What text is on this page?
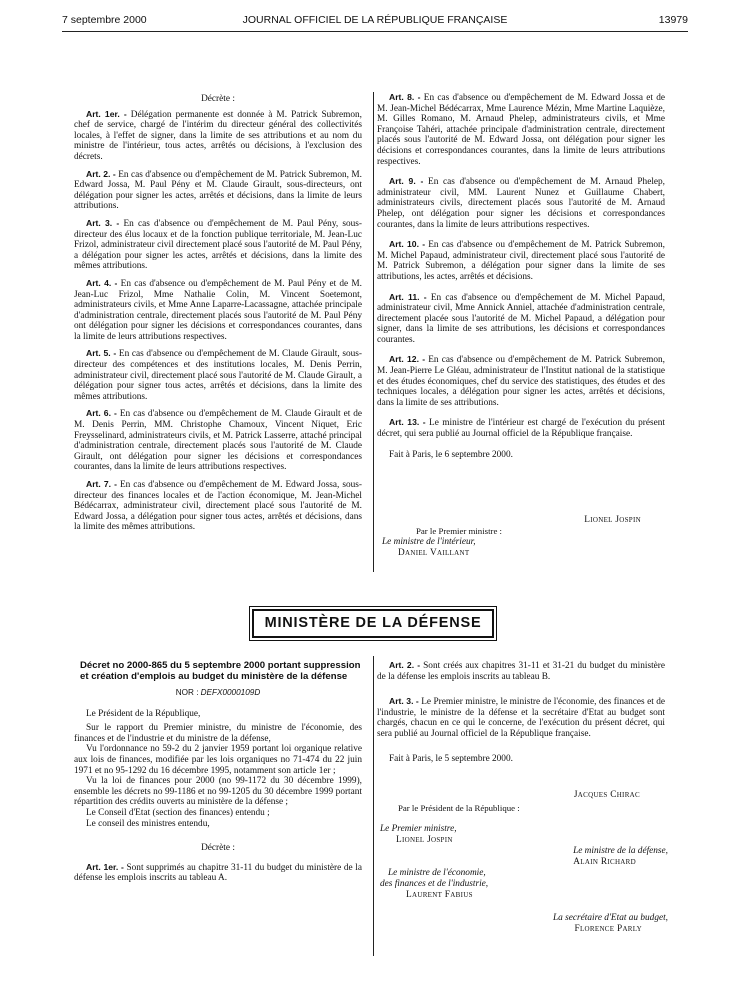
7 septembre 2000	JOURNAL OFFICIEL DE LA RÉPUBLIQUE FRANÇAISE	13979

Décrète :

Art. 1er. - Délégation permanente est donnée à M. Patrick Subremon, chef de service, chargé de l'intérim du directeur général des collectivités locales, à l'effet de signer, dans la limite de ses attributions et au nom du ministre de l'intérieur, tous actes, arrêtés ou décisions, à l'exclusion des décrets.

Art. 2. - En cas d'absence ou d'empêchement de M. Patrick Subremon, M. Edward Jossa, M. Paul Pény et M. Claude Girault, sous-directeurs, ont délégation pour signer les actes, arrêtés et décisions, dans la limite de leurs attributions.

Art. 3. - En cas d'absence ou d'empêchement de M. Paul Pény, sous-directeur des élus locaux et de la fonction publique territoriale, M. Jean-Luc Frizol, administrateur civil directement placé sous l'autorité de M. Paul Pény, a délégation pour signer les actes, arrêtés et décisions, dans la limite des mêmes attributions.

Art. 4. - En cas d'absence ou d'empêchement de M. Paul Pény et de M. Jean-Luc Frizol, Mme Nathalie Colin, M. Vincent Soetemont, administrateurs civils, et Mme Anne Laparre-Lacassagne, attachée principale d'administration centrale, directement placés sous l'autorité de M. Paul Pény ont délégation pour signer les décisions et correspondances courantes, dans la limite de leurs attributions respectives.

Art. 5. - En cas d'absence ou d'empêchement de M. Claude Girault, sous-directeur des compétences et des institutions locales, M. Denis Perrin, administrateur civil, directement placé sous l'autorité de M. Claude Girault, a délégation pour signer tous actes, arrêtés et décisions, dans la limite des mêmes attributions.

Art. 6. - En cas d'absence ou d'empêchement de M. Claude Girault et de M. Denis Perrin, MM. Christophe Chamoux, Vincent Niquet, Eric Freysselinard, administrateurs civils, et M. Patrick Lasserre, attaché principal d'administration centrale, directement placés sous l'autorité de M. Claude Girault, ont délégation pour signer les décisions et correspondances courantes, dans la limite de leurs attributions respectives.

Art. 7. - En cas d'absence ou d'empêchement de M. Edward Jossa, sous-directeur des finances locales et de l'action économique, M. Jean-Michel Bédécarrax, administrateur civil, directement placé sous l'autorité de M. Edward Jossa, a délégation pour signer tous actes, arrêtés et décisions, dans la limite des mêmes attributions.

Art. 8. - En cas d'absence ou d'empêchement de M. Edward Jossa et de M. Jean-Michel Bédécarrax, Mme Laurence Mézin, Mme Martine Laquièze, M. Gilles Romano, M. Arnaud Phelep, administrateurs civils, et Mme Françoise Tahéri, attachée principale d'administration centrale, directement placés sous l'autorité de M. Edward Jossa, ont délégation pour signer les décisions et correspondances courantes, dans la limite de leurs attributions respectives.

Art. 9. - En cas d'absence ou d'empêchement de M. Arnaud Phelep, administrateur civil, MM. Laurent Nunez et Guillaume Chabert, administrateurs civils, directement placés sous l'autorité de M. Arnaud Phelep, ont délégation pour signer les décisions et correspondances courantes, dans la limite de leurs attributions respectives.

Art. 10. - En cas d'absence ou d'empêchement de M. Patrick Subremon, M. Michel Papaud, administrateur civil, directement placé sous l'autorité de M. Patrick Subremon, a délégation pour signer dans la limite de ses attributions, les actes, arrêtés et décisions.

Art. 11. - En cas d'absence ou d'empêchement de M. Michel Papaud, administrateur civil, Mme Annick Anniel, attachée d'administration centrale, directement placée sous l'autorité de M. Michel Papaud, a délégation pour signer, dans la limite de ses attributions, les décisions et correspondances courantes.

Art. 12. - En cas d'absence ou d'empêchement de M. Patrick Subremon, M. Jean-Pierre Le Gléau, administrateur de l'Institut national de la statistique et des études économiques, chef du service des statistiques, des études et des techniques locales, a délégation pour signer les actes, arrêtés et décisions, dans la limite de ses attributions.

Art. 13. - Le ministre de l'intérieur est chargé de l'exécution du présent décret, qui sera publié au Journal officiel de la République française.

Fait à Paris, le 6 septembre 2000.

Lionel Jospin
Par le Premier ministre :
Le ministre de l'intérieur,
Daniel Vaillant
MINISTÈRE DE LA DÉFENSE
Décret no 2000-865 du 5 septembre 2000 portant suppression et création d'emplois au budget du ministère de la défense
NOR : DEFX0000109D

Le Président de la République,

Sur le rapport du Premier ministre, du ministre de l'économie, des finances et de l'industrie et du ministre de la défense,

Vu l'ordonnance no 59-2 du 2 janvier 1959 portant loi organique relative aux lois de finances, modifiée par les lois organiques no 71-474 du 22 juin 1971 et no 95-1292 du 16 décembre 1995, notamment son article 1er ;

Vu la loi de finances pour 2000 (no 99-1172 du 30 décembre 1999), ensemble les décrets no 99-1186 et no 99-1205 du 30 décembre 1999 portant répartition des crédits ouverts au ministère de la défense ;

Le Conseil d'Etat (section des finances) entendu ;

Le conseil des ministres entendu,

Décrète :

Art. 1er. - Sont supprimés au chapitre 31-11 du budget du ministère de la défense les emplois inscrits au tableau A.

Art. 2. - Sont créés aux chapitres 31-11 et 31-21 du budget du ministère de la défense les emplois inscrits au tableau B.

Art. 3. - Le Premier ministre, le ministre de l'économie, des finances et de l'industrie, le ministre de la défense et la secrétaire d'Etat au budget sont chargés, chacun en ce qui le concerne, de l'exécution du présent décret, qui sera publié au Journal officiel de la République française.

Fait à Paris, le 5 septembre 2000.

Jacques Chirac
Par le Président de la République :
Le Premier ministre,
Lionel Jospin
Le ministre de la défense,
Alain Richard
Le ministre de l'économie,
des finances et de l'industrie,
Laurent Fabius
La secrétaire d'Etat au budget,
Florence Parly
